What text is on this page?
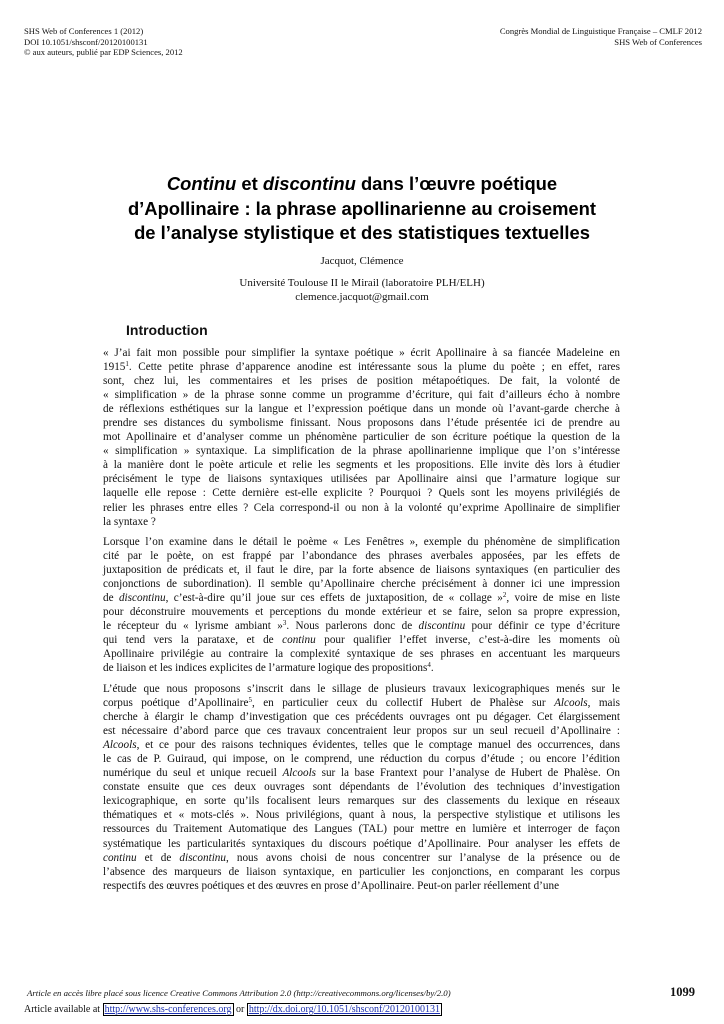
SHS Web of Conferences 1 (2012)
DOI 10.1051/shsconf/20120100131
© aux auteurs, publié par EDP Sciences, 2012
Congrès Mondial de Linguistique Française – CMLF 2012
SHS Web of Conferences
Continu et discontinu dans l’œuvre poétique
d’Apollinaire : la phrase apollinarienne au croisement
de l’analyse stylistique et des statistiques textuelles
Jacquot, Clémence
Université Toulouse II le Mirail (laboratoire PLH/ELH)
clemence.jacquot@gmail.com
Introduction
« J’ai fait mon possible pour simplifier la syntaxe poétique » écrit Apollinaire à sa fiancée Madeleine en
1915$^1$. Cette petite phrase d’apparence anodine est intéressante sous la plume du poète ; en effet, rares
sont, chez lui, les commentaires et les prises de position métapoétiques. De fait, la volonté de
« simplification » de la phrase sonne comme un programme d’écriture, qui fait d’ailleurs écho à nombre
de réflexions esthétiques sur la langue et l’expression poétique dans un monde où l’avant-garde cherche à
prendre ses distances du symbolisme finissant. Nous proposons dans l’étude présentée ici de prendre au
mot Apollinaire et d’analyser comme un phénomène particulier de son écriture poétique la question de la
« simplification » syntaxique. La simplification de la phrase apollinarienne implique que l’on s’intéresse
à la manière dont le poète articule et relie les segments et les propositions. Elle invite dès lors à étudier
précisément le type de liaisons syntaxiques utilisées par Apollinaire ainsi que l’armature logique sur
laquelle elle repose : Cette dernière est-elle explicite ? Pourquoi ? Quels sont les moyens privilégiés de
relier les phrases entre elles ? Cela correspond-il ou non à la volonté qu’exprime Apollinaire de simplifier
la syntaxe ?
Lorsque l’on examine dans le détail le poème « Les Fenêtres », exemple du phénomène de simplification
cité par le poète, on est frappé par l’abondance des phrases averbales apposées, par les effets de
juxtaposition de prédicats et, il faut le dire, par la forte absence de liaisons syntaxiques (en particulier des
conjonctions de subordination). Il semble qu’Apollinaire cherche précisément à donner ici une impression
de discontinu, c’est-à-dire qu’il joue sur ces effets de juxtaposition, de « collage »$^2$, voire de mise en liste
pour déconstruire mouvements et perceptions du monde extérieur et se faire, selon sa propre expression,
le récepteur du « lyrisme ambiant »$^3$. Nous parlerons donc de discontinu pour définir ce type d’écriture
qui tend vers la parataxe, et de continu pour qualifier l’effet inverse, c’est-à-dire les moments où
Apollinaire privilégie au contraire la complexité syntaxique de ses phrases en accentuant les marqueurs
de liaison et les indices explicites de l’armature logique des propositions$^4$.
L’étude que nous proposons s’inscrit dans le sillage de plusieurs travaux lexicographiques menés sur le
corpus poétique d’Apollinaire$^5$, en particulier ceux du collectif Hubert de Phalèse sur Alcools, mais
cherche à élargir le champ d’investigation que ces précédents ouvrages ont pu dégager. Cet élargissement
est nécessaire d’abord parce que ces travaux concentraient leur propos sur un seul recueil d’Apollinaire :
Alcools, et ce pour des raisons techniques évidentes, telles que le comptage manuel des occurrences, dans
le cas de P. Guiraud, qui impose, on le comprend, une réduction du corpus d’étude ; ou encore l’édition
numérique du seul et unique recueil Alcools sur la base Frantext pour l’analyse de Hubert de Phalèse. On
constate ensuite que ces deux ouvrages sont dépendants de l’évolution des techniques d’investigation
lexicographique, en sorte qu’ils focalisent leurs remarques sur des classements du lexique en réseaux
thématiques et « mots-clés ». Nous privilégions, quant à nous, la perspective stylistique et utilisons les
ressources du Traitement Automatique des Langues (TAL) pour mettre en lumière et interroger de façon
systématique les particularités syntaxiques du discours poétique d’Apollinaire. Pour analyser les effets de
continu et de discontinu, nous avons choisi de nous concentrer sur l’analyse de la présence ou de
l’absence des marqueurs de liaison syntaxique, en particulier les conjonctions, en comparant les corpus
respectifs des œuvres poétiques et des œuvres en prose d’Apollinaire. Peut-on parler réellement d’une
Article en accès libre placé sous licence Creative Commons Attribution 2.0 (http://creativecommons.org/licenses/by/2.0)	1099
Article available at http://www.shs-conferences.org or http://dx.doi.org/10.1051/shsconf/20120100131
